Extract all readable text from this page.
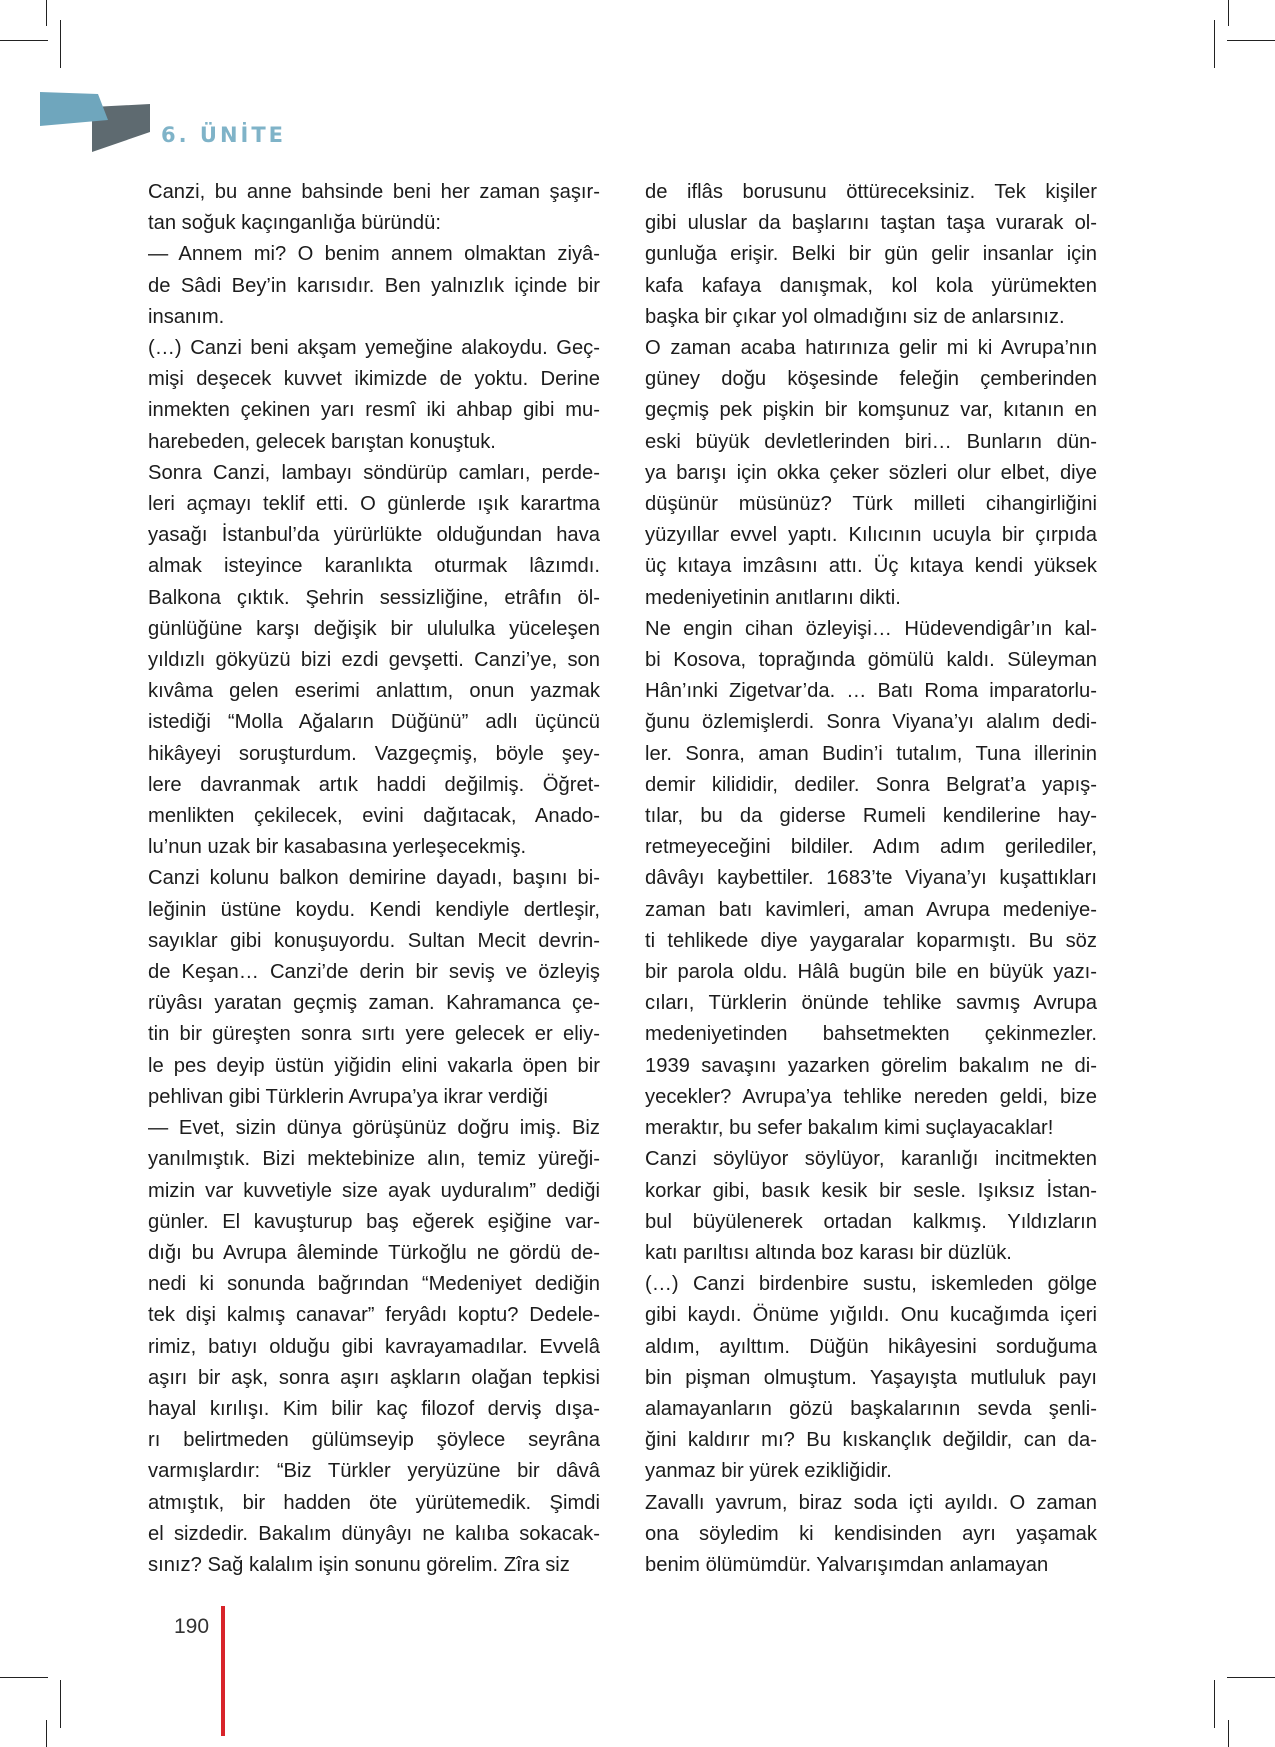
6. ÜNİTE

Canzi, bu anne bahsinde beni her zaman şaşır-

tan soğuk kaçınganlığa büründü:

— Annem mi? O benim annem olmaktan ziyâ-

de Sâdi Bey’in karısıdır. Ben yalnızlık içinde bir

insanım.

(…) Canzi beni akşam yemeğine alakoydu. Geç-

mişi deşecek kuvvet ikimizde de yoktu. Derine

inmekten çekinen yarı resmî iki ahbap gibi mu-

harebeden, gelecek barıştan konuştuk.

Sonra Canzi, lambayı söndürüp camları, perde-

leri açmayı teklif etti. O günlerde ışık karartma

yasağı İstanbul’da yürürlükte olduğundan hava

almak isteyince karanlıkta oturmak lâzımdı.

Balkona çıktık. Şehrin sessizliğine, etrâfın öl-

günlüğüne karşı değişik bir ulululka yüceleşen

yıldızlı gökyüzü bizi ezdi gevşetti. Canzi’ye, son

kıvâma gelen eserimi anlattım, onun yazmak

istediği “Molla Ağaların Düğünü” adlı üçüncü

hikâyeyi soruşturdum. Vazgeçmiş, böyle şey-

lere davranmak artık haddi değilmiş. Öğret-

menlikten çekilecek, evini dağıtacak, Anado-

lu’nun uzak bir kasabasına yerleşecekmiş.

Canzi kolunu balkon demirine dayadı, başını bi-

leğinin üstüne koydu. Kendi kendiyle dertleşir,

sayıklar gibi konuşuyordu. Sultan Mecit devrin-

de Keşan… Canzi’de derin bir seviş ve özleyiş

rüyâsı yaratan geçmiş zaman. Kahramanca çe-

tin bir güreşten sonra sırtı yere gelecek er eliy-

le pes deyip üstün yiğidin elini vakarla öpen bir

pehlivan gibi Türklerin Avrupa’ya ikrar verdiği

— Evet, sizin dünya görüşünüz doğru imiş. Biz

yanılmıştık. Bizi mektebinize alın, temiz yüreği-

mizin var kuvvetiyle size ayak uyduralım” dediği

günler. El kavuşturup baş eğerek eşiğine var-

dığı bu Avrupa âleminde Türkoğlu ne gördü de-

nedi ki sonunda bağrından “Medeniyet dediğin

tek dişi kalmış canavar” feryâdı koptu? Dedele-

rimiz, batıyı olduğu gibi kavrayamadılar. Evvelâ

aşırı bir aşk, sonra aşırı aşkların olağan tepkisi

hayal kırılışı. Kim bilir kaç filozof derviş dışa-

rı belirtmeden gülümseyip şöylece seyrâna

varmışlardır: “Biz Türkler yeryüzüne bir dâvâ

atmıştık, bir hadden öte yürütemedik. Şimdi

el sizdedir. Bakalım dünyâyı ne kalıba sokacak-

sınız? Sağ kalalım işin sonunu görelim. Zîra siz

de iflâs borusunu öttüreceksiniz. Tek kişiler

gibi uluslar da başlarını taştan taşa vurarak ol-

gunluğa erişir. Belki bir gün gelir insanlar için

kafa kafaya danışmak, kol kola yürümekten

başka bir çıkar yol olmadığını siz de anlarsınız.

O zaman acaba hatırınıza gelir mi ki Avrupa’nın

güney doğu köşesinde feleğin çemberinden

geçmiş pek pişkin bir komşunuz var, kıtanın en

eski büyük devletlerinden biri… Bunların dün-

ya barışı için okka çeker sözleri olur elbet, diye

düşünür müsünüz? Türk milleti cihangirliğini

yüzyıllar evvel yaptı. Kılıcının ucuyla bir çırpıda

üç kıtaya imzâsını attı. Üç kıtaya kendi yüksek

medeniyetinin anıtlarını dikti.

Ne engin cihan özleyişi… Hüdevendigâr’ın kal-

bi Kosova, toprağında gömülü kaldı. Süleyman

Hân’ınki Zigetvar’da. … Batı Roma imparatorlu-

ğunu özlemişlerdi. Sonra Viyana’yı alalım dedi-

ler. Sonra, aman Budin’i tutalım, Tuna illerinin

demir kilididir, dediler. Sonra Belgrat’a yapış-

tılar, bu da giderse Rumeli kendilerine hay-

retmeyeceğini bildiler. Adım adım gerilediler,

dâvâyı kaybettiler. 1683’te Viyana’yı kuşattıkları

zaman batı kavimleri, aman Avrupa medeniye-

ti tehlikede diye yaygaralar koparmıştı. Bu söz

bir parola oldu. Hâlâ bugün bile en büyük yazı-

cıları, Türklerin önünde tehlike savmış Avrupa

medeniyetinden bahsetmekten çekinmezler.

1939 savaşını yazarken görelim bakalım ne di-

yecekler? Avrupa’ya tehlike nereden geldi, bize

meraktır, bu sefer bakalım kimi suçlayacaklar!

Canzi söylüyor söylüyor, karanlığı incitmekten

korkar gibi, basık kesik bir sesle. Işıksız İstan-

bul büyülenerek ortadan kalkmış. Yıldızların

katı parıltısı altında boz karası bir düzlük.

(…) Canzi birdenbire sustu, iskemleden gölge

gibi kaydı. Önüme yığıldı. Onu kucağımda içeri

aldım, ayılttım. Düğün hikâyesini sorduğuma

bin pişman olmuştum. Yaşayışta mutluluk payı

alamayanların gözü başkalarının sevda şenli-

ğini kaldırır mı? Bu kıskançlık değildir, can da-

yanmaz bir yürek ezikliğidir.

Zavallı yavrum, biraz soda içti ayıldı. O zaman

ona söyledim ki kendisinden ayrı yaşamak

benim ölümümdür. Yalvarışımdan anlamayan

190
